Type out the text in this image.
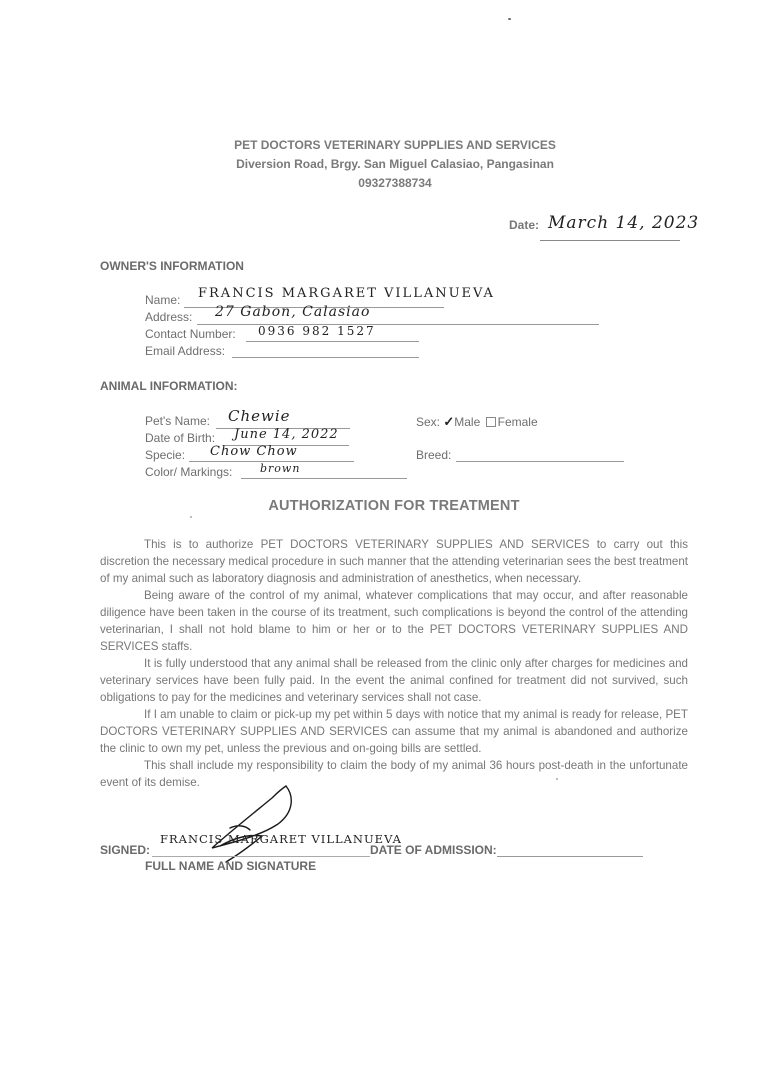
PET DOCTORS VETERINARY SUPPLIES AND SERVICES
Diversion Road, Brgy. San Miguel Calasiao, Pangasinan
09327388734
Date: March 14, 2023
OWNER'S INFORMATION
Name: FRANCIS MARGARET VILLANUEVA
Address: 27 Gabon, Calasiao
Contact Number: 0936 982 1527
Email Address:
ANIMAL INFORMATION:
Pet's Name: Chewie
Date of Birth: June 14, 2022
Specie: Chow Chow
Color/ Markings:	brown
Sex: ✓Male Female
Breed:
AUTHORIZATION FOR TREATMENT

This is to authorize PET DOCTORS VETERINARY SUPPLIES AND SERVICES to carry out this discretion the necessary medical procedure in such manner that the attending veterinarian sees the best treatment of my animal such as laboratory diagnosis and administration of anesthetics, when necessary.

Being aware of the control of my animal, whatever complications that may occur, and after reasonable diligence have been taken in the course of its treatment, such complications is beyond the control of the attending veterinarian, I shall not hold blame to him or her or to the PET DOCTORS VETERINARY SUPPLIES AND SERVICES staffs.

It is fully understood that any animal shall be released from the clinic only after charges for medicines and veterinary services have been fully paid. In the event the animal confined for treatment did not survived, such obligations to pay for the medicines and veterinary services shall not case.

If I am unable to claim or pick-up my pet within 5 days with notice that my animal is ready for release, PET DOCTORS VETERINARY SUPPLIES AND SERVICES can assume that my animal is abandoned and authorize the clinic to own my pet, unless the previous and on-going bills are settled.

This shall include my responsibility to claim the body of my animal 36 hours post-death in the unfortunate event of its demise.

SIGNED:
FRANCIS MARGARET VILLANUEVA
FULL NAME AND SIGNATURE
DATE OF ADMISSION:
